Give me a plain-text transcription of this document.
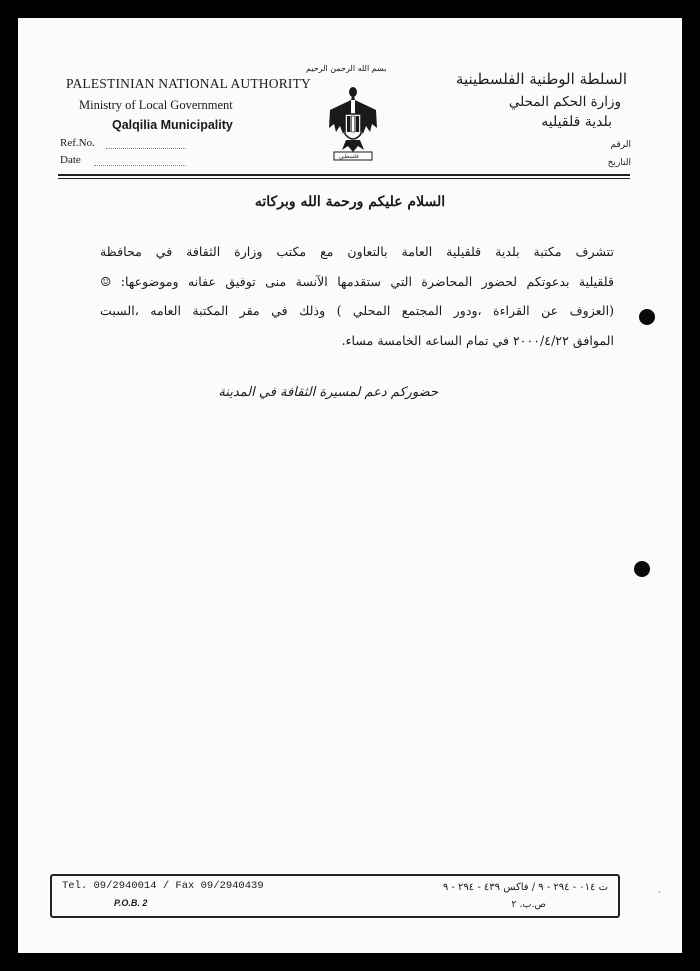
PALESTINIAN NATIONAL AUTHORITY
Ministry of Local Government
Qalqilia Municipality
Ref.No.
Date
بسم الله الرحمن الرحيم
فلسطين
السلطة الوطنية الفلسطينية
وزارة الحكم المحلي
بلدية قلقيليه
الرقم
التاريخ
السلام عليكم ورحمة الله وبركاته

تتشرف مكتبة بلدية قلقيلية العامة بالتعاون مع مكتب وزارة الثقافة في محافظة

قلقيلية بدعوتكم لحضور المحاضرة التي ستقدمها الآنسة منى توفيق عفانه وموضوعها: ☺

(العزوف عن القراءة ،ودور المجتمع المحلي ) وذلك في مقر المكتبة العامه ،السبت

الموافق ٢٠٠٠/٤/٢٢ في تمام الساعه الخامسة مساء.

حضوركم دعم لمسيرة الثقافة في المدينة
Tel. 09/2940014 / Fax 09/2940439
P.O.B. 2
ت ٠١٤ - ٢٩٤ - ٩ / فاكس ٤٣٩ - ٢٩٤ - ٩
ص.ب. ٢
˴
